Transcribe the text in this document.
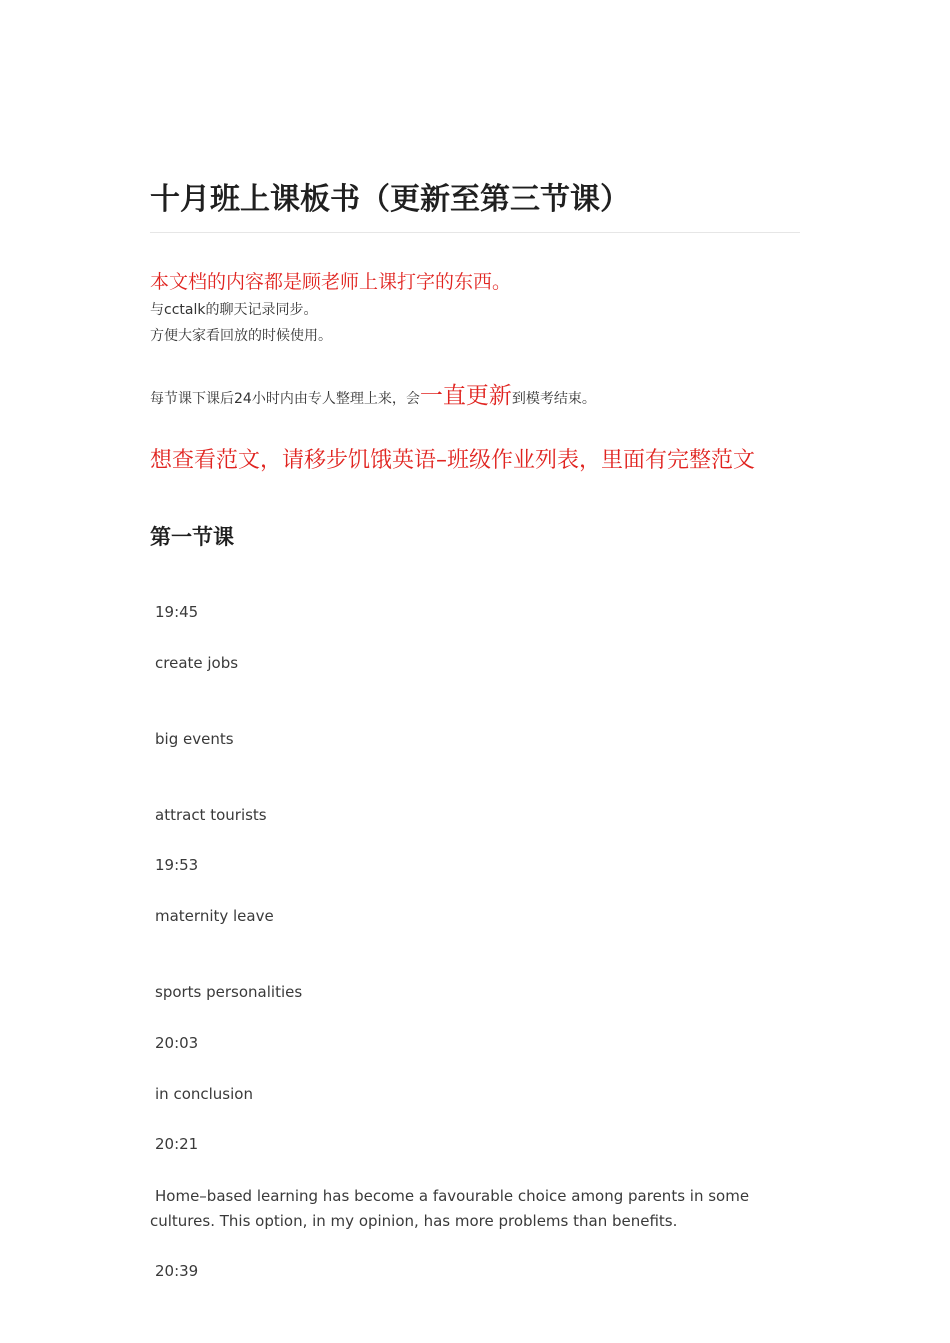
十月班上课板书（更新至第三节课）
本文档的内容都是顾老师上课打字的东西。
与cctalk的聊天记录同步。
方便大家看回放的时候使用。
每节课下课后24小时内由专人整理上来，会一直更新到模考结束。
想查看范文，请移步饥饿英语–班级作业列表，里面有完整范文
第一节课
19:45
create jobs
big events
attract tourists
19:53
maternity leave
sports personalities
20:03
in conclusion
20:21
Home–based learning has become a favourable choice among parents in some cultures. This option, in my opinion, has more problems than benefits.
20:39
